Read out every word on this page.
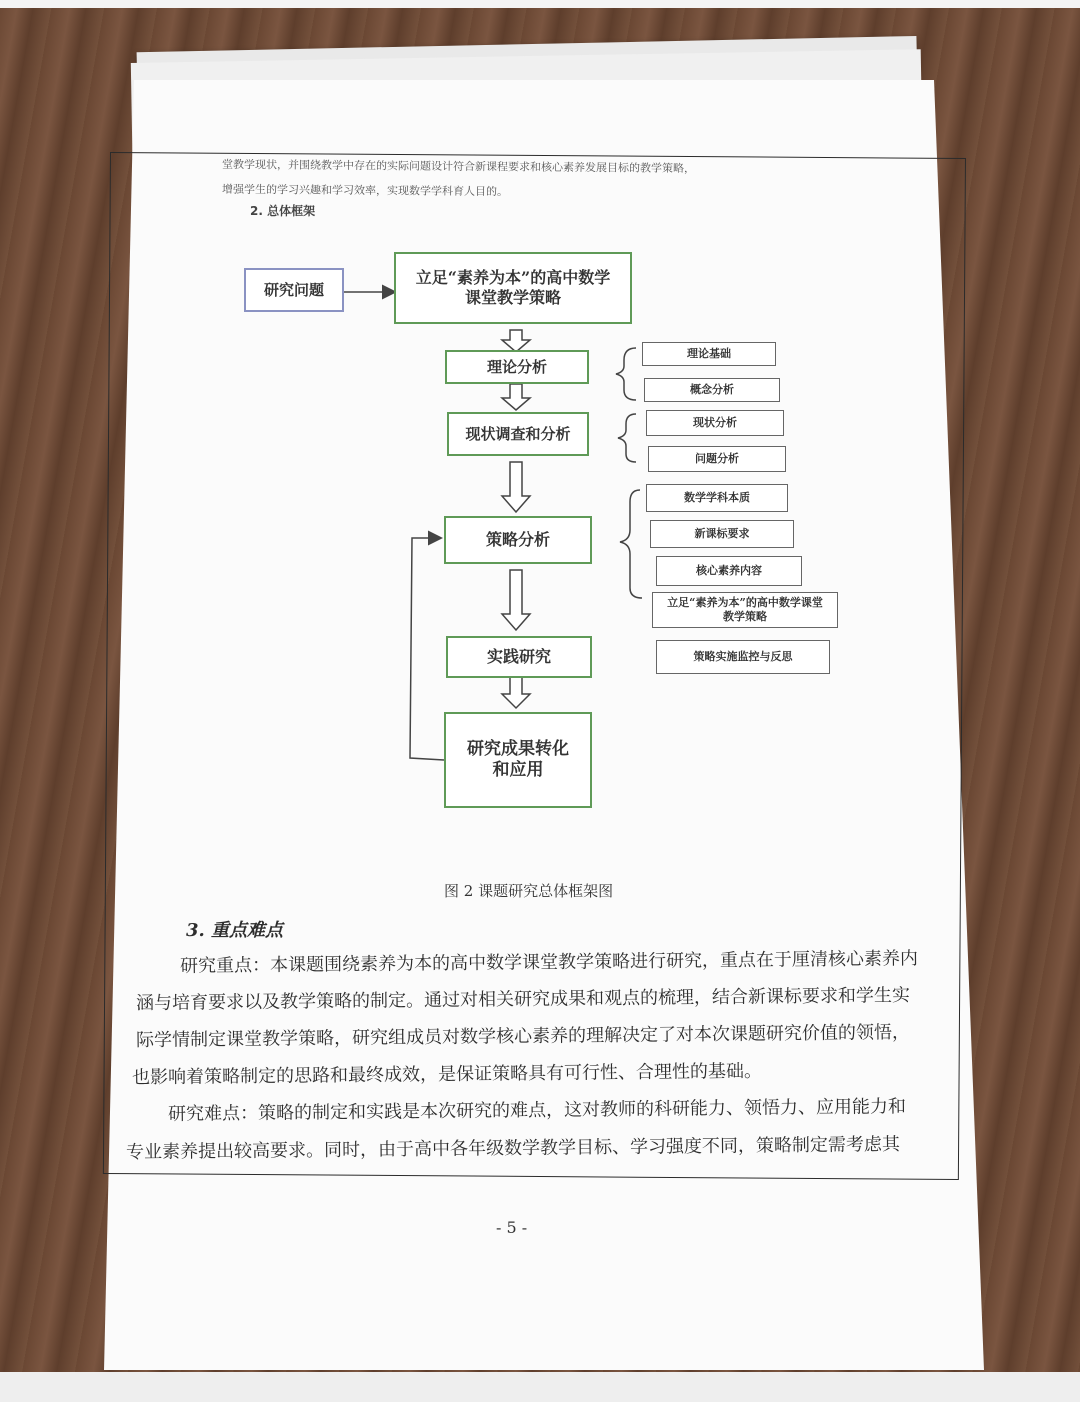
堂教学现状，并围绕教学中存在的实际问题设计符合新课程要求和核心素养发展目标的教学策略，
增强学生的学习兴趣和学习效率，实现数学学科育人目的。
2. 总体框架
研究问题
立足“素养为本”的高中数学课堂教学策略
理论分析
现状调查和分析
策略分析
实践研究
研究成果转化和应用
理论基础
概念分析
现状分析
问题分析
数学学科本质
新课标要求
核心素养内容
立足“素养为本”的高中数学课堂教学策略
策略实施监控与反思
图 2 课题研究总体框架图
3. 重点难点
研究重点：本课题围绕素养为本的高中数学课堂教学策略进行研究，重点在于厘清核心素养内
涵与培育要求以及教学策略的制定。通过对相关研究成果和观点的梳理，结合新课标要求和学生实
际学情制定课堂教学策略，研究组成员对数学核心素养的理解决定了对本次课题研究价值的领悟，
也影响着策略制定的思路和最终成效，是保证策略具有可行性、合理性的基础。
研究难点：策略的制定和实践是本次研究的难点，这对教师的科研能力、领悟力、应用能力和
专业素养提出较高要求。同时，由于高中各年级数学教学目标、学习强度不同，策略制定需考虑其
- 5 -
